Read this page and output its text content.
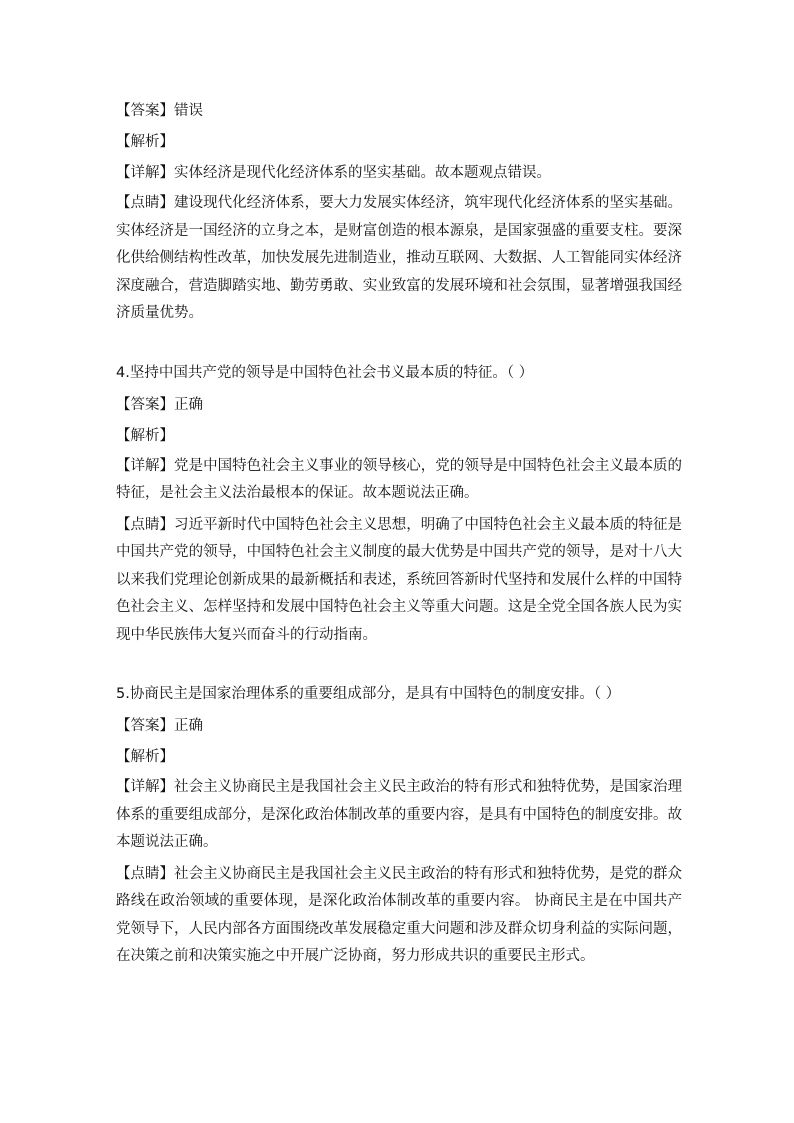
【答案】错误

【解析】

【详解】实体经济是现代化经济体系的坚实基础。故本题观点错误。

【点睛】建设现代化经济体系，要大力发展实体经济，筑牢现代化经济体系的坚实基础。实体经济是一国经济的立身之本，是财富创造的根本源泉，是国家强盛的重要支柱。要深化供给侧结构性改革，加快发展先进制造业，推动互联网、大数据、人工智能同实体经济深度融合，营造脚踏实地、勤劳勇敢、实业致富的发展环境和社会氛围，显著增强我国经济质量优势。

4.坚持中国共产党的领导是中国特色社会书义最本质的特征。（ ）

【答案】正确

【解析】

【详解】党是中国特色社会主义事业的领导核心，党的领导是中国特色社会主义最本质的特征，是社会主义法治最根本的保证。故本题说法正确。

【点睛】习近平新时代中国特色社会主义思想，明确了中国特色社会主义最本质的特征是中国共产党的领导，中国特色社会主义制度的最大优势是中国共产党的领导，是对十八大以来我们党理论创新成果的最新概括和表述，系统回答新时代坚持和发展什么样的中国特色社会主义、怎样坚持和发展中国特色社会主义等重大问题。这是全党全国各族人民为实现中华民族伟大复兴而奋斗的行动指南。

5.协商民主是国家治理体系的重要组成部分，是具有中国特色的制度安排。（ ）

【答案】正确

【解析】

【详解】社会主义协商民主是我国社会主义民主政治的特有形式和独特优势，是国家治理体系的重要组成部分，是深化政治体制改革的重要内容，是具有中国特色的制度安排。故本题说法正确。

【点睛】社会主义协商民主是我国社会主义民主政治的特有形式和独特优势，是党的群众路线在政治领域的重要体现，是深化政治体制改革的重要内容。 协商民主是在中国共产党领导下，人民内部各方面围绕改革发展稳定重大问题和涉及群众切身利益的实际问题，在决策之前和决策实施之中开展广泛协商，努力形成共识的重要民主形式。
